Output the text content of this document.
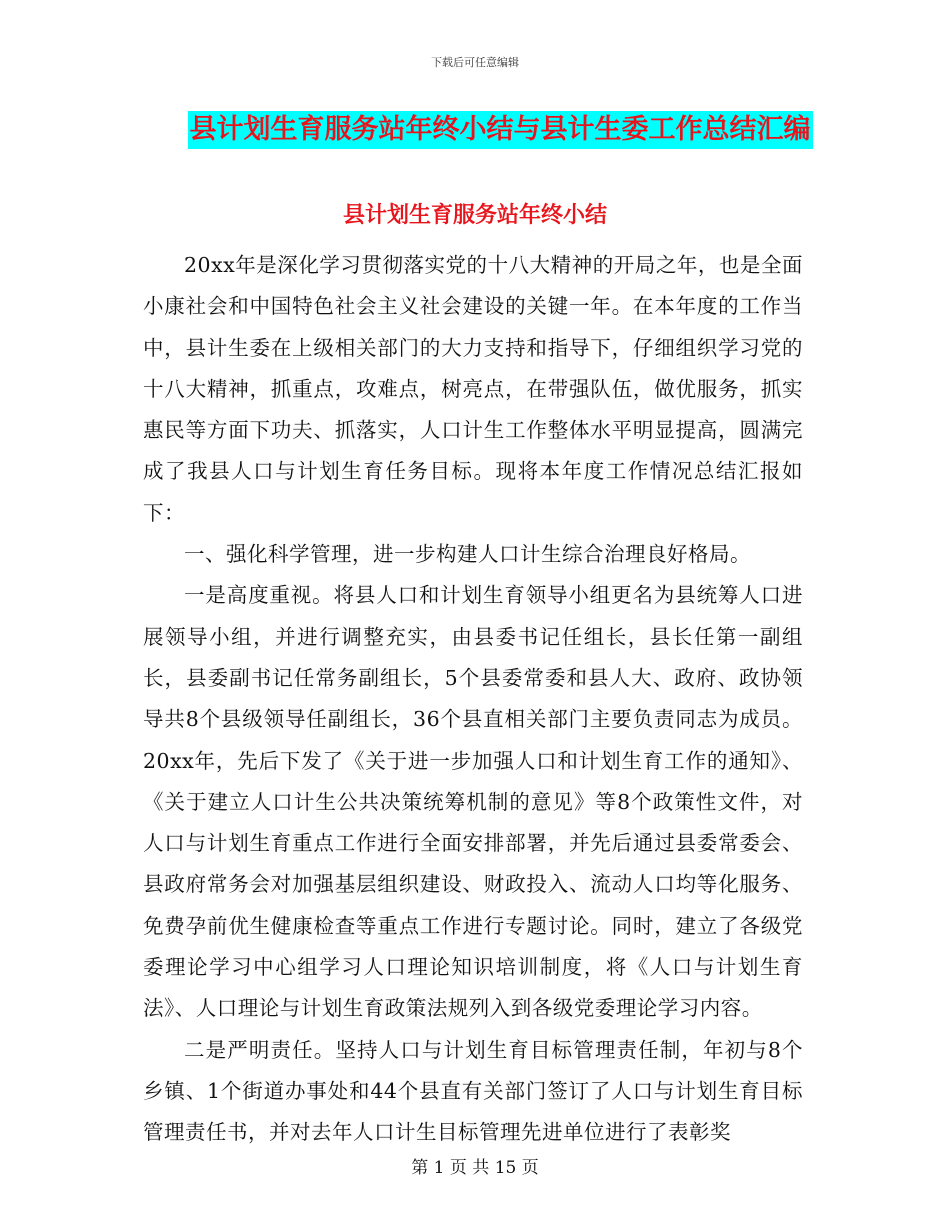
下载后可任意编辑
县计划生育服务站年终小结与县计生委工作总结汇编
县计划生育服务站年终小结

20xx年是深化学习贯彻落实党的十八大精神的开局之年，也是全面小康社会和中国特色社会主义社会建设的关键一年。在本年度的工作当中，县计生委在上级相关部门的大力支持和指导下，仔细组织学习党的十八大精神，抓重点，攻难点，树亮点，在带强队伍，做优服务，抓实惠民等方面下功夫、抓落实，人口计生工作整体水平明显提高，圆满完成了我县人口与计划生育任务目标。现将本年度工作情况总结汇报如下：

一、强化科学管理，进一步构建人口计生综合治理良好格局。

一是高度重视。将县人口和计划生育领导小组更名为县统筹人口进展领导小组，并进行调整充实，由县委书记任组长，县长任第一副组长，县委副书记任常务副组长，5个县委常委和县人大、政府、政协领导共8个县级领导任副组长，36个县直相关部门主要负责同志为成员。20xx年，先后下发了《关于进一步加强人口和计划生育工作的通知》、《关于建立人口计生公共决策统筹机制的意见》等8个政策性文件，对人口与计划生育重点工作进行全面安排部署，并先后通过县委常委会、县政府常务会对加强基层组织建设、财政投入、流动人口均等化服务、免费孕前优生健康检查等重点工作进行专题讨论。同时，建立了各级党委理论学习中心组学习人口理论知识培训制度，将《人口与计划生育法》、人口理论与计划生育政策法规列入到各级党委理论学习内容。

二是严明责任。坚持人口与计划生育目标管理责任制，年初与8个乡镇、1个街道办事处和44个县直有关部门签订了人口与计划生育目标管理责任书，并对去年人口计生目标管理先进单位进行了表彰奖

第 1 页 共 15 页
